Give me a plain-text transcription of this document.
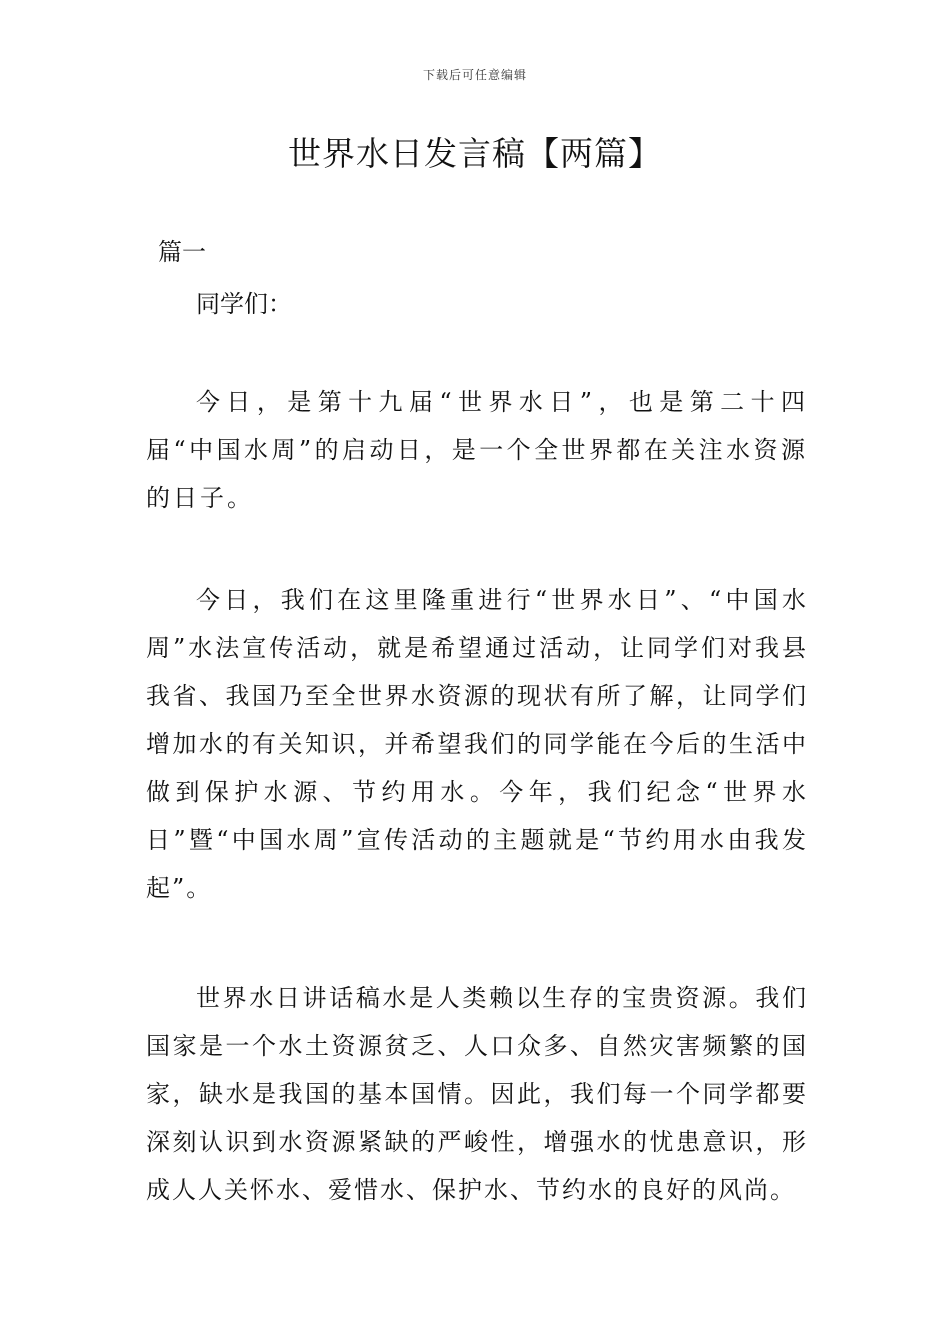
下载后可任意编辑
世界水日发言稿【两篇】

篇一

同学们：

今日，是第十九届“世界水日”，也是第二十四届“中国水周”的启动日，是一个全世界都在关注水资源的日子。

今日，我们在这里隆重进行“世界水日”、“中国水周”水法宣传活动，就是希望通过活动，让同学们对我县我省、我国乃至全世界水资源的现状有所了解，让同学们增加水的有关知识，并希望我们的同学能在今后的生活中做到保护水源、节约用水。今年，我们纪念“世界水日”暨“中国水周”宣传活动的主题就是“节约用水由我发起”。

世界水日讲话稿水是人类赖以生存的宝贵资源。我们国家是一个水土资源贫乏、人口众多、自然灾害频繁的国家，缺水是我国的基本国情。因此，我们每一个同学都要深刻认识到水资源紧缺的严峻性，增强水的忧患意识，形成人人关怀水、爱惜水、保护水、节约水的良好的风尚。
